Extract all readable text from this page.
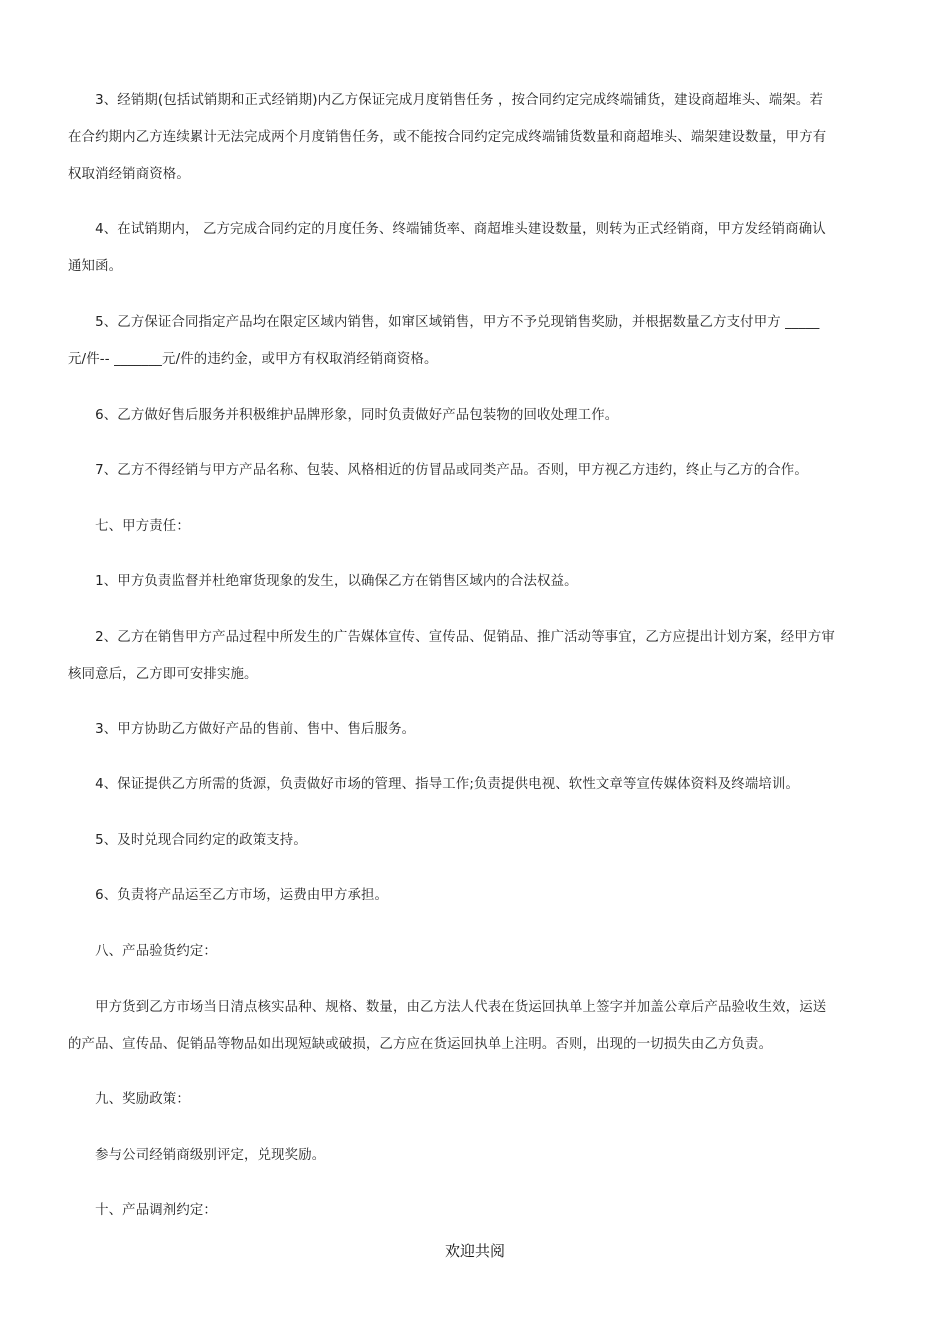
　　3、经销期(包括试销期和正式经销期)内乙方保证完成月度销售任务 ，按合同约定完成终端铺货，建设商超堆头、端架。若
在合约期内乙方连续累计无法完成两个月度销售任务，或不能按合同约定完成终端铺货数量和商超堆头、端架建设数量，甲方有
权取消经销商资格。
　　4、在试销期内， 乙方完成合同约定的月度任务、终端铺货率、商超堆头建设数量，则转为正式经销商，甲方发经销商确认
通知函。
　　5、乙方保证合同指定产品均在限定区域内销售，如窜区域销售，甲方不予兑现销售奖励，并根据数量乙方支付甲方 _____
元/件-- _______元/件的违约金，或甲方有权取消经销商资格。
　　6、乙方做好售后服务并积极维护品牌形象，同时负责做好产品包装物的回收处理工作。
　　7、乙方不得经销与甲方产品名称、包装、风格相近的仿冒品或同类产品。否则，甲方视乙方违约，终止与乙方的合作。
　　七、甲方责任：
　　1、甲方负责监督并杜绝窜货现象的发生，以确保乙方在销售区域内的合法权益。
　　2、乙方在销售甲方产品过程中所发生的广告媒体宣传、宣传品、促销品、推广活动等事宜，乙方应提出计划方案，经甲方审
核同意后，乙方即可安排实施。
　　3、甲方协助乙方做好产品的售前、售中、售后服务。
　　4、保证提供乙方所需的货源，负责做好市场的管理、指导工作;负责提供电视、软性文章等宣传媒体资料及终端培训。
　　5、及时兑现合同约定的政策支持。
　　6、负责将产品运至乙方市场，运费由甲方承担。
　　八、产品验货约定：
　　甲方货到乙方市场当日清点核实品种、规格、数量，由乙方法人代表在货运回执单上签字并加盖公章后产品验收生效，运送
的产品、宣传品、促销品等物品如出现短缺或破损，乙方应在货运回执单上注明。否则，出现的一切损失由乙方负责。
　　九、奖励政策：
　　参与公司经销商级别评定，兑现奖励。
　　十、产品调剂约定：
欢迎共阅
